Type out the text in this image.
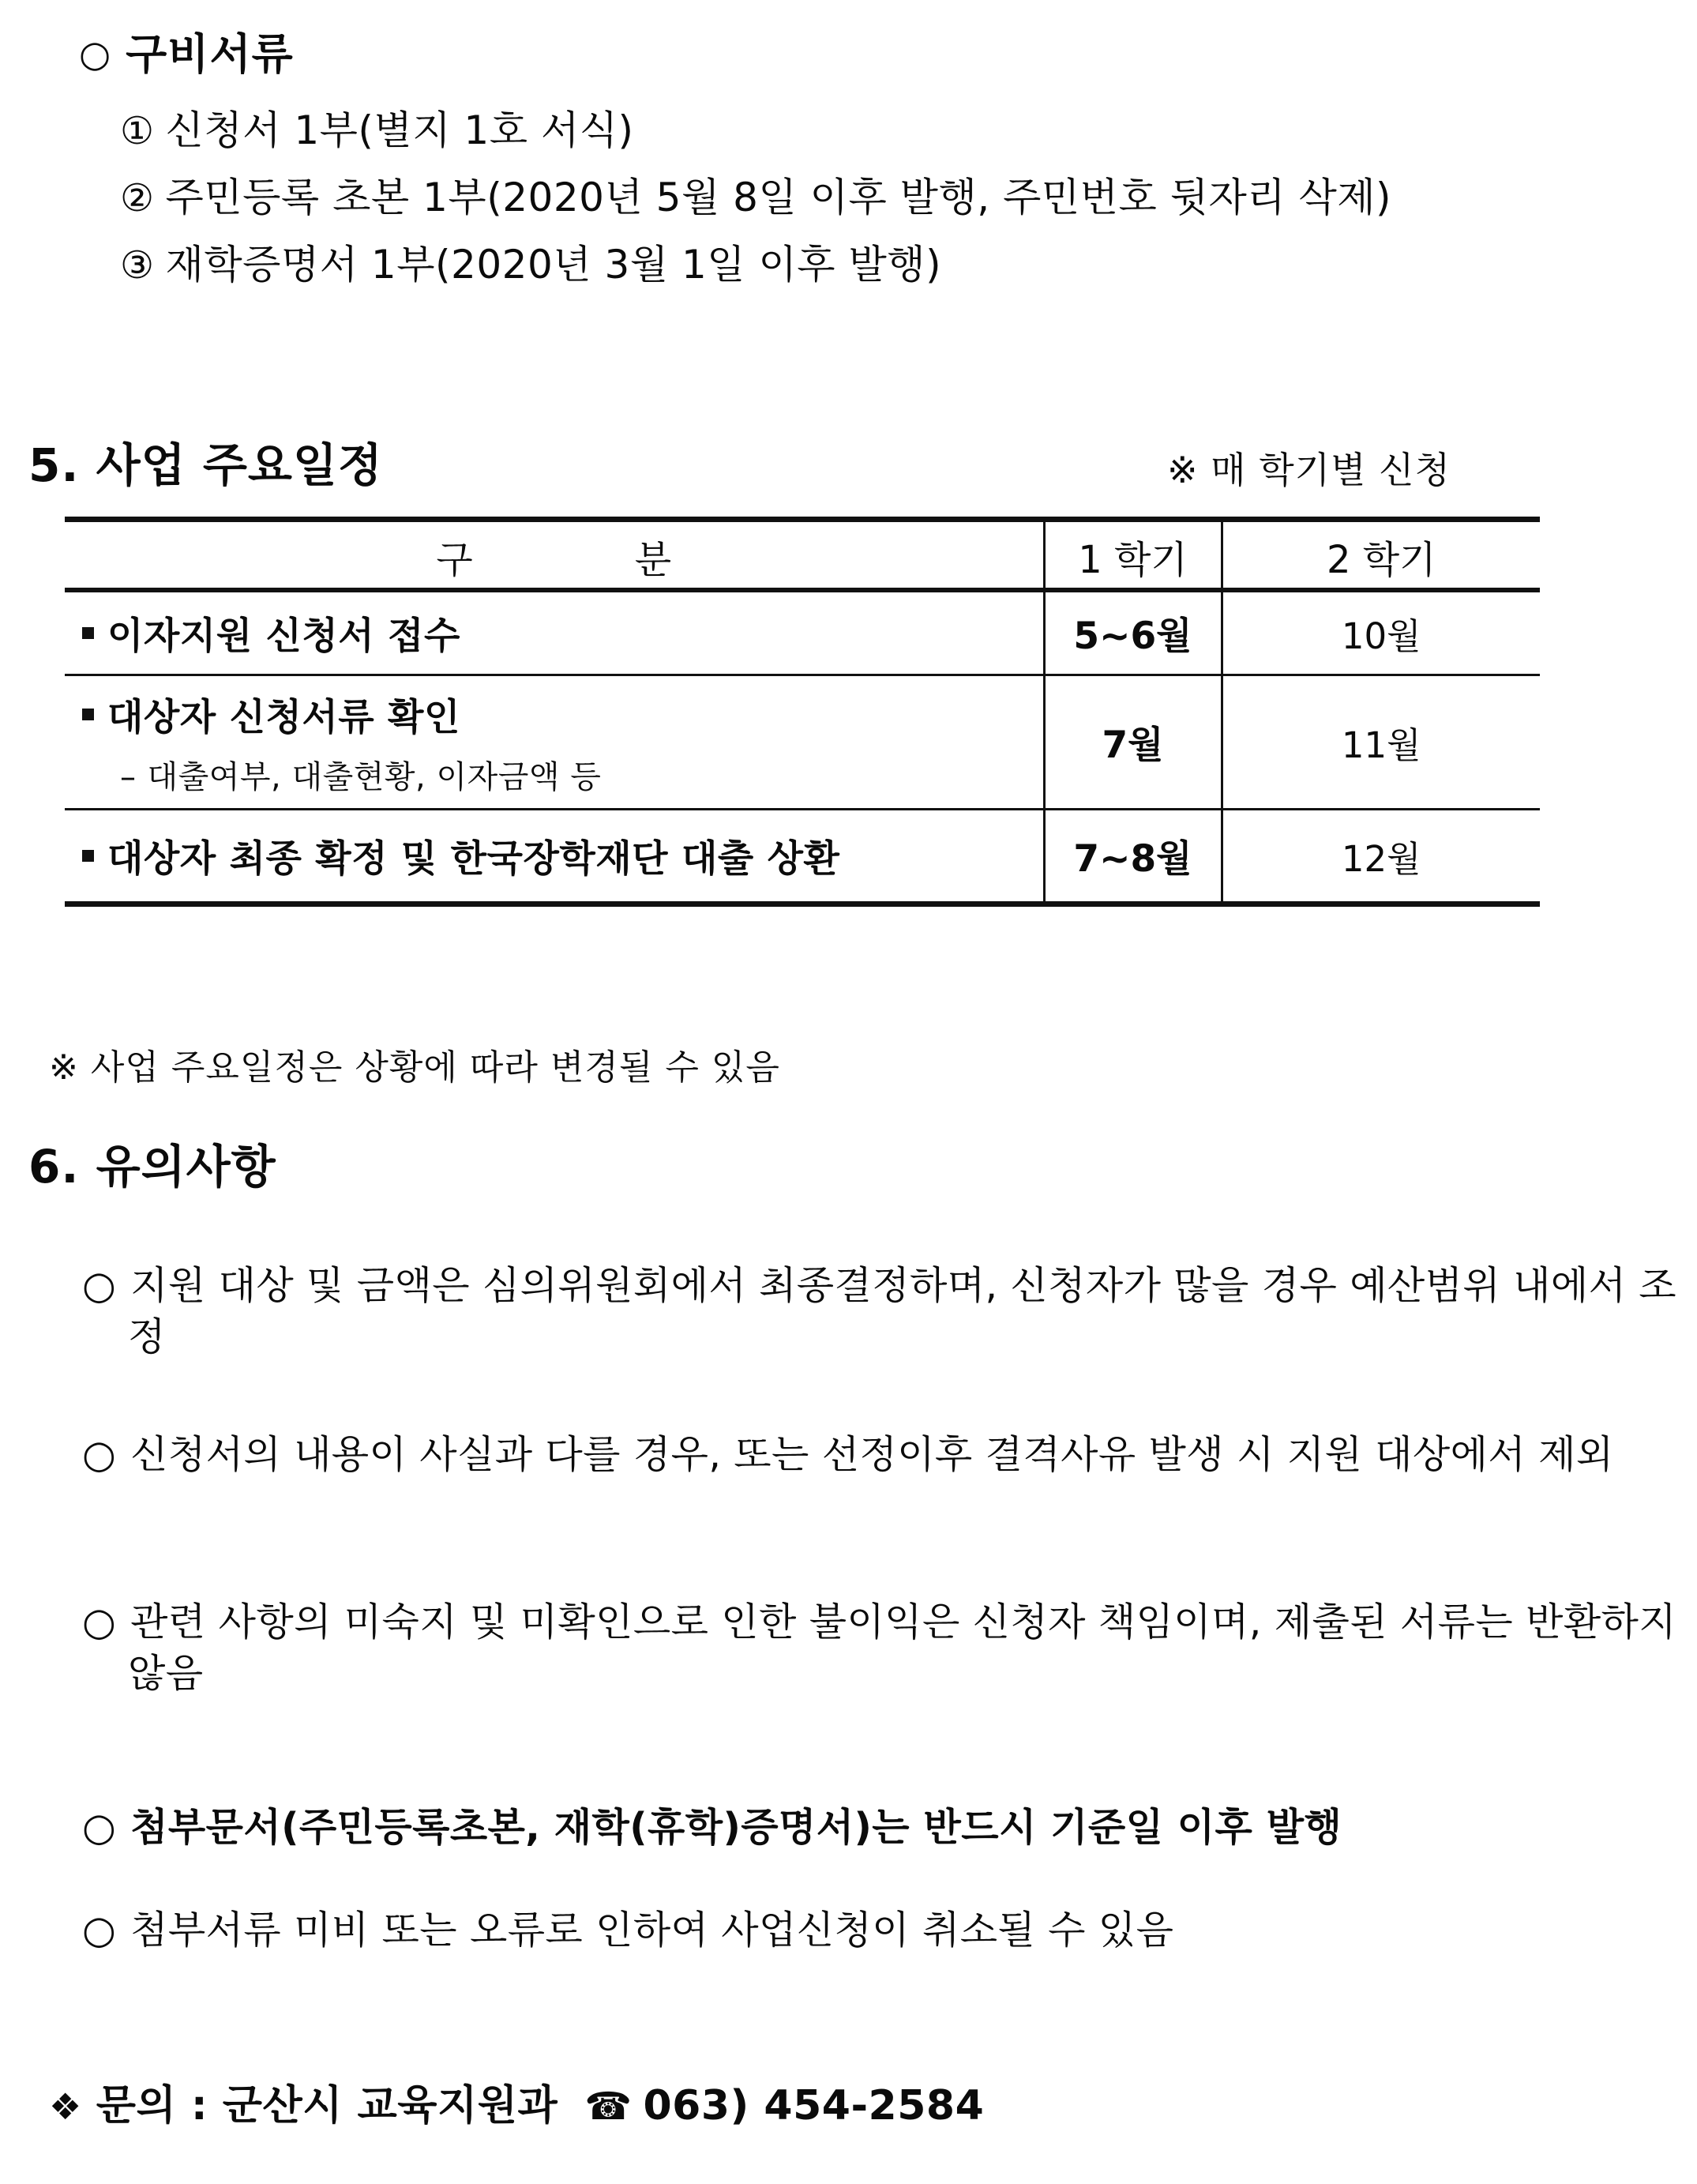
○ 구비서류
① 신청서 1부(별지 1호 서식)
② 주민등록 초본 1부(2020년 5월 8일 이후 발행, 주민번호 뒷자리 삭제)
③ 재학증명서 1부(2020년 3월 1일 이후 발행)
5. 사업 주요일정	※ 매 학기별 신청
구 분	1 학기	2 학기

이자지원 신청서 접수	5~6월	10월

대상자 신청서류 확인
– 대출여부, 대출현황, 이자금액 등	7월	11월

대상자 최종 확정 및 한국장학재단 대출 상환	7~8월	12월
※ 사업 주요일정은 상황에 따라 변경될 수 있음
6. 유의사항
○ 지원 대상 및 금액은 심의위원회에서 최종결정하며, 신청자가 많을 경우 예산범위 내에서 조정
○ 신청서의 내용이 사실과 다를 경우, 또는 선정이후 결격사유 발생 시 지원 대상에서 제외
○ 관련 사항의 미숙지 및 미확인으로 인한 불이익은 신청자 책임이며, 제출된 서류는 반환하지 않음
○ 첨부문서(주민등록초본, 재학(휴학)증명서)는 반드시 기준일 이후 발행
○ 첨부서류 미비 또는 오류로 인하여 사업신청이 취소될 수 있음
❖ 문의 : 군산시 교육지원과 ☎ 063) 454-2584
